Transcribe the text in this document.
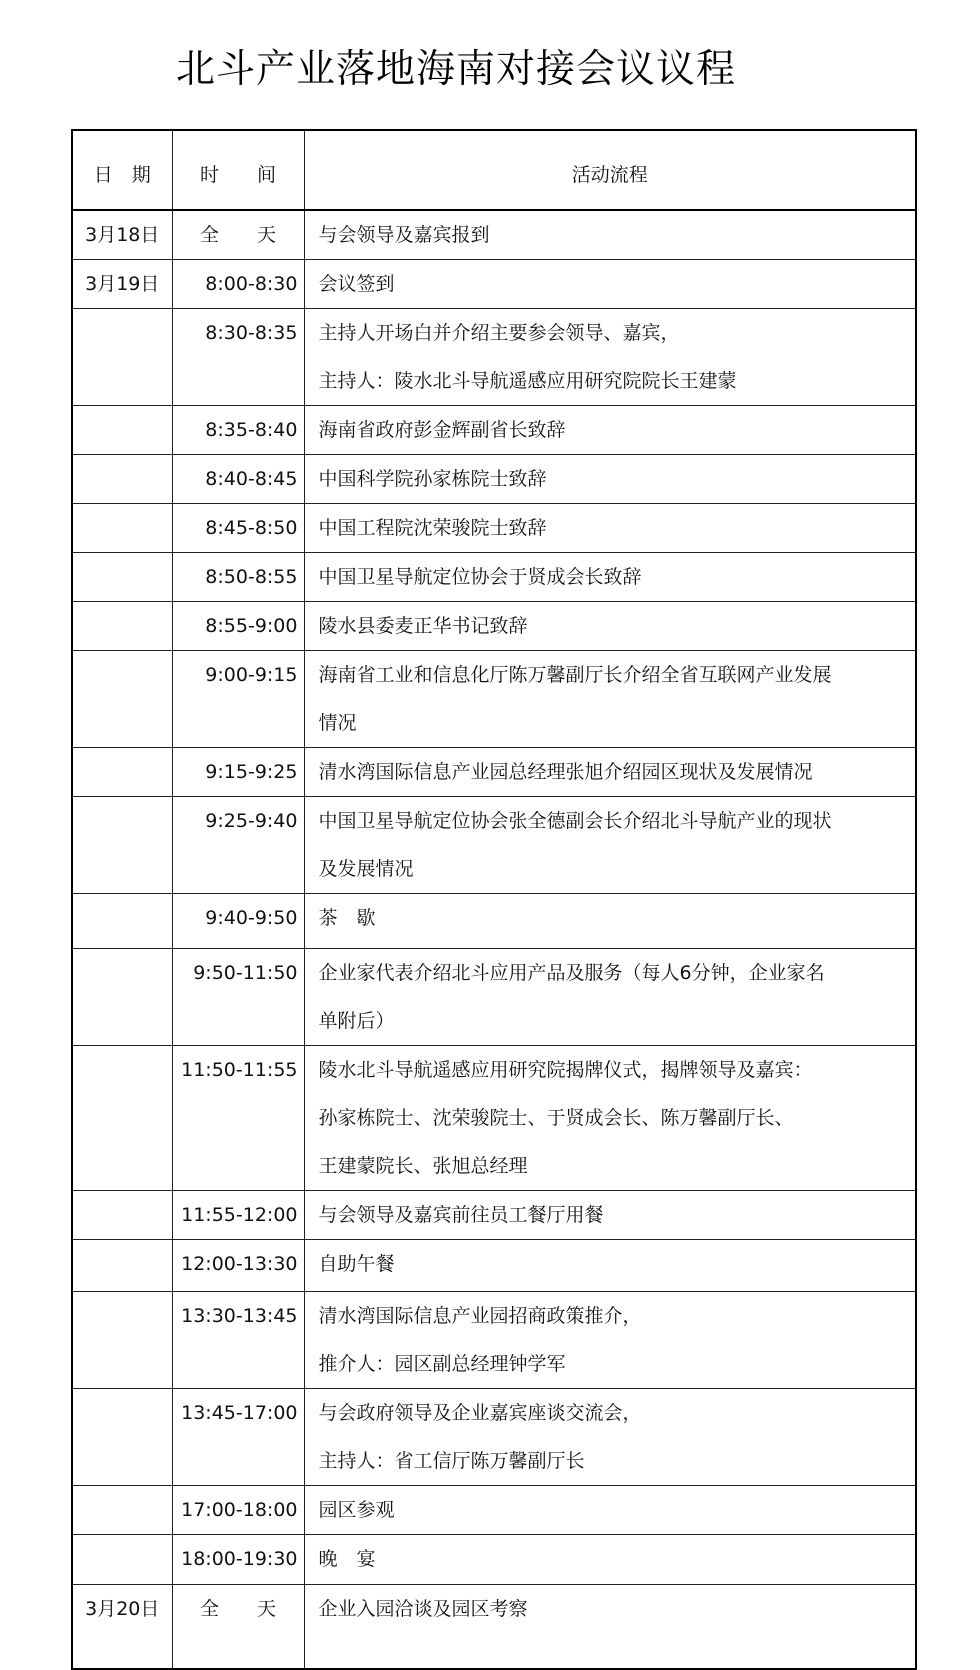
北斗产业落地海南对接会议议程
日　期	时　　间	活动流程
3月18日	全　　天	与会领导及嘉宾报到

3月19日	8:00-8:30	会议签到

	8:30-8:35	主持人开场白并介绍主要参会领导、嘉宾，
主持人：陵水北斗导航遥感应用研究院院长王建蒙

	8:35-8:40	海南省政府彭金辉副省长致辞

	8:40-8:45	中国科学院孙家栋院士致辞

	8:45-8:50	中国工程院沈荣骏院士致辞

	8:50-8:55	中国卫星导航定位协会于贤成会长致辞

	8:55-9:00	陵水县委麦正华书记致辞

	9:00-9:15	海南省工业和信息化厅陈万馨副厅长介绍全省互联网产业发展
情况

	9:15-9:25	清水湾国际信息产业园总经理张旭介绍园区现状及发展情况

	9:25-9:40	中国卫星导航定位协会张全德副会长介绍北斗导航产业的现状
及发展情况

	9:40-9:50	茶　歇

	9:50-11:50	企业家代表介绍北斗应用产品及服务（每人6分钟，企业家名
单附后）

	11:50-11:55	陵水北斗导航遥感应用研究院揭牌仪式，揭牌领导及嘉宾：
孙家栋院士、沈荣骏院士、于贤成会长、陈万馨副厅长、
王建蒙院长、张旭总经理

	11:55-12:00	与会领导及嘉宾前往员工餐厅用餐

	12:00-13:30	自助午餐

	13:30-13:45	清水湾国际信息产业园招商政策推介，
推介人：园区副总经理钟学军

	13:45-17:00	与会政府领导及企业嘉宾座谈交流会，
主持人：省工信厅陈万馨副厅长

	17:00-18:00	园区参观

	18:00-19:30	晚　宴

3月20日	全　　天	企业入园洽谈及园区考察
